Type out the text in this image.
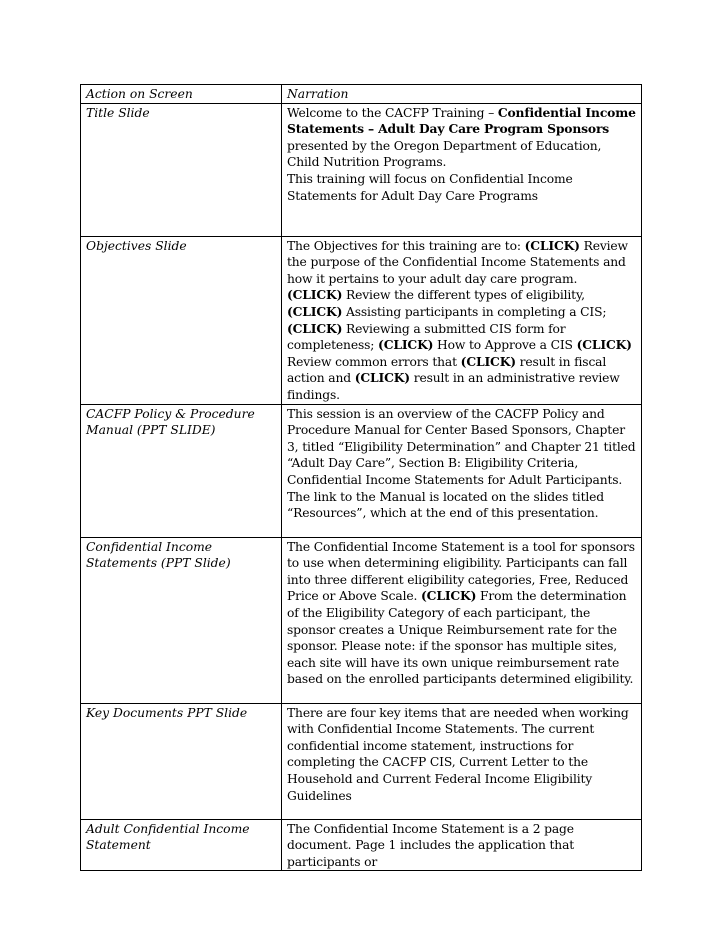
Action on Screen	Narration
Title Slide	Welcome to the CACFP Training – Confidential Income Statements – Adult Day Care Program Sponsors presented by the Oregon Department of Education, Child Nutrition Programs.
This training will focus on Confidential Income Statements for Adult Day Care Programs

Objectives Slide	The Objectives for this training are to: (CLICK) Review the purpose of the Confidential Income Statements and how it pertains to your adult day care program. (CLICK) Review the different types of eligibility, (CLICK) Assisting participants in completing a CIS; (CLICK) Reviewing a submitted CIS form for completeness; (CLICK) How to Approve a CIS (CLICK) Review common errors that (CLICK) result in fiscal action and (CLICK) result in an administrative review findings.
CACFP Policy & Procedure Manual (PPT SLIDE)	This session is an overview of the CACFP Policy and Procedure Manual for Center Based Sponsors, Chapter 3, titled “Eligibility Determination” and Chapter 21 titled “Adult Day Care”, Section B: Eligibility Criteria, Confidential Income Statements for Adult Participants. The link to the Manual is located on the slides titled “Resources”, which at the end of this presentation.
Confidential Income Statements (PPT Slide)	The Confidential Income Statement is a tool for sponsors to use when determining eligibility. Participants can fall into three different eligibility categories, Free, Reduced Price or Above Scale. (CLICK) From the determination of the Eligibility Category of each participant, the sponsor creates a Unique Reimbursement rate for the sponsor. Please note: if the sponsor has multiple sites, each site will have its own unique reimbursement rate based on the enrolled participants determined eligibility.
Key Documents PPT Slide	There are four key items that are needed when working with Confidential Income Statements. The current confidential income statement, instructions for completing the CACFP CIS, Current Letter to the Household and Current Federal Income Eligibility Guidelines
Adult Confidential Income Statement	The Confidential Income Statement is a 2 page document. Page 1 includes the application that participants or
